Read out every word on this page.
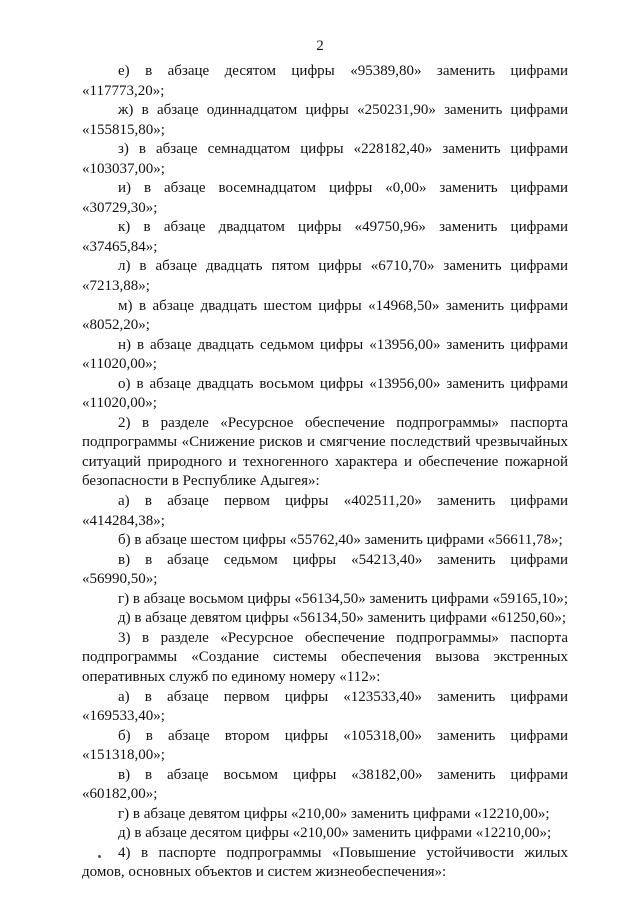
2

е) в абзаце десятом цифры «95389,80» заменить цифрами «117773,20»;

ж) в абзаце одиннадцатом цифры «250231,90» заменить цифрами «155815,80»;

з) в абзаце семнадцатом цифры «228182,40» заменить цифрами «103037,00»;

и) в абзаце восемнадцатом цифры «0,00» заменить цифрами «30729,30»;

к) в абзаце двадцатом цифры «49750,96» заменить цифрами «37465,84»;

л) в абзаце двадцать пятом цифры «6710,70» заменить цифрами «7213,88»;

м) в абзаце двадцать шестом цифры «14968,50» заменить цифрами «8052,20»;

н) в абзаце двадцать седьмом цифры «13956,00» заменить цифрами «11020,00»;

о) в абзаце двадцать восьмом цифры «13956,00» заменить цифрами «11020,00»;

2) в разделе «Ресурсное обеспечение подпрограммы» паспорта подпрограммы «Снижение рисков и смягчение последствий чрезвычайных ситуаций природного и техногенного характера и обеспечение пожарной безопасности в Республике Адыгея»:

а) в абзаце первом цифры «402511,20» заменить цифрами «414284,38»;

б) в абзаце шестом цифры «55762,40» заменить цифрами «56611,78»;

в) в абзаце седьмом цифры «54213,40» заменить цифрами «56990,50»;

г) в абзаце восьмом цифры «56134,50» заменить цифрами «59165,10»;

д) в абзаце девятом цифры «56134,50» заменить цифрами «61250,60»;

3) в разделе «Ресурсное обеспечение подпрограммы» паспорта подпрограммы «Создание системы обеспечения вызова экстренных оперативных служб по единому номеру «112»:

а) в абзаце первом цифры «123533,40» заменить цифрами «169533,40»;

б) в абзаце втором цифры «105318,00» заменить цифрами «151318,00»;

в) в абзаце восьмом цифры «38182,00» заменить цифрами «60182,00»;

г) в абзаце девятом цифры «210,00» заменить цифрами «12210,00»;

д) в абзаце десятом цифры «210,00» заменить цифрами «12210,00»;

4) в паспорте подпрограммы «Повышение устойчивости жилых домов, основных объектов и систем жизнеобеспечения»:
